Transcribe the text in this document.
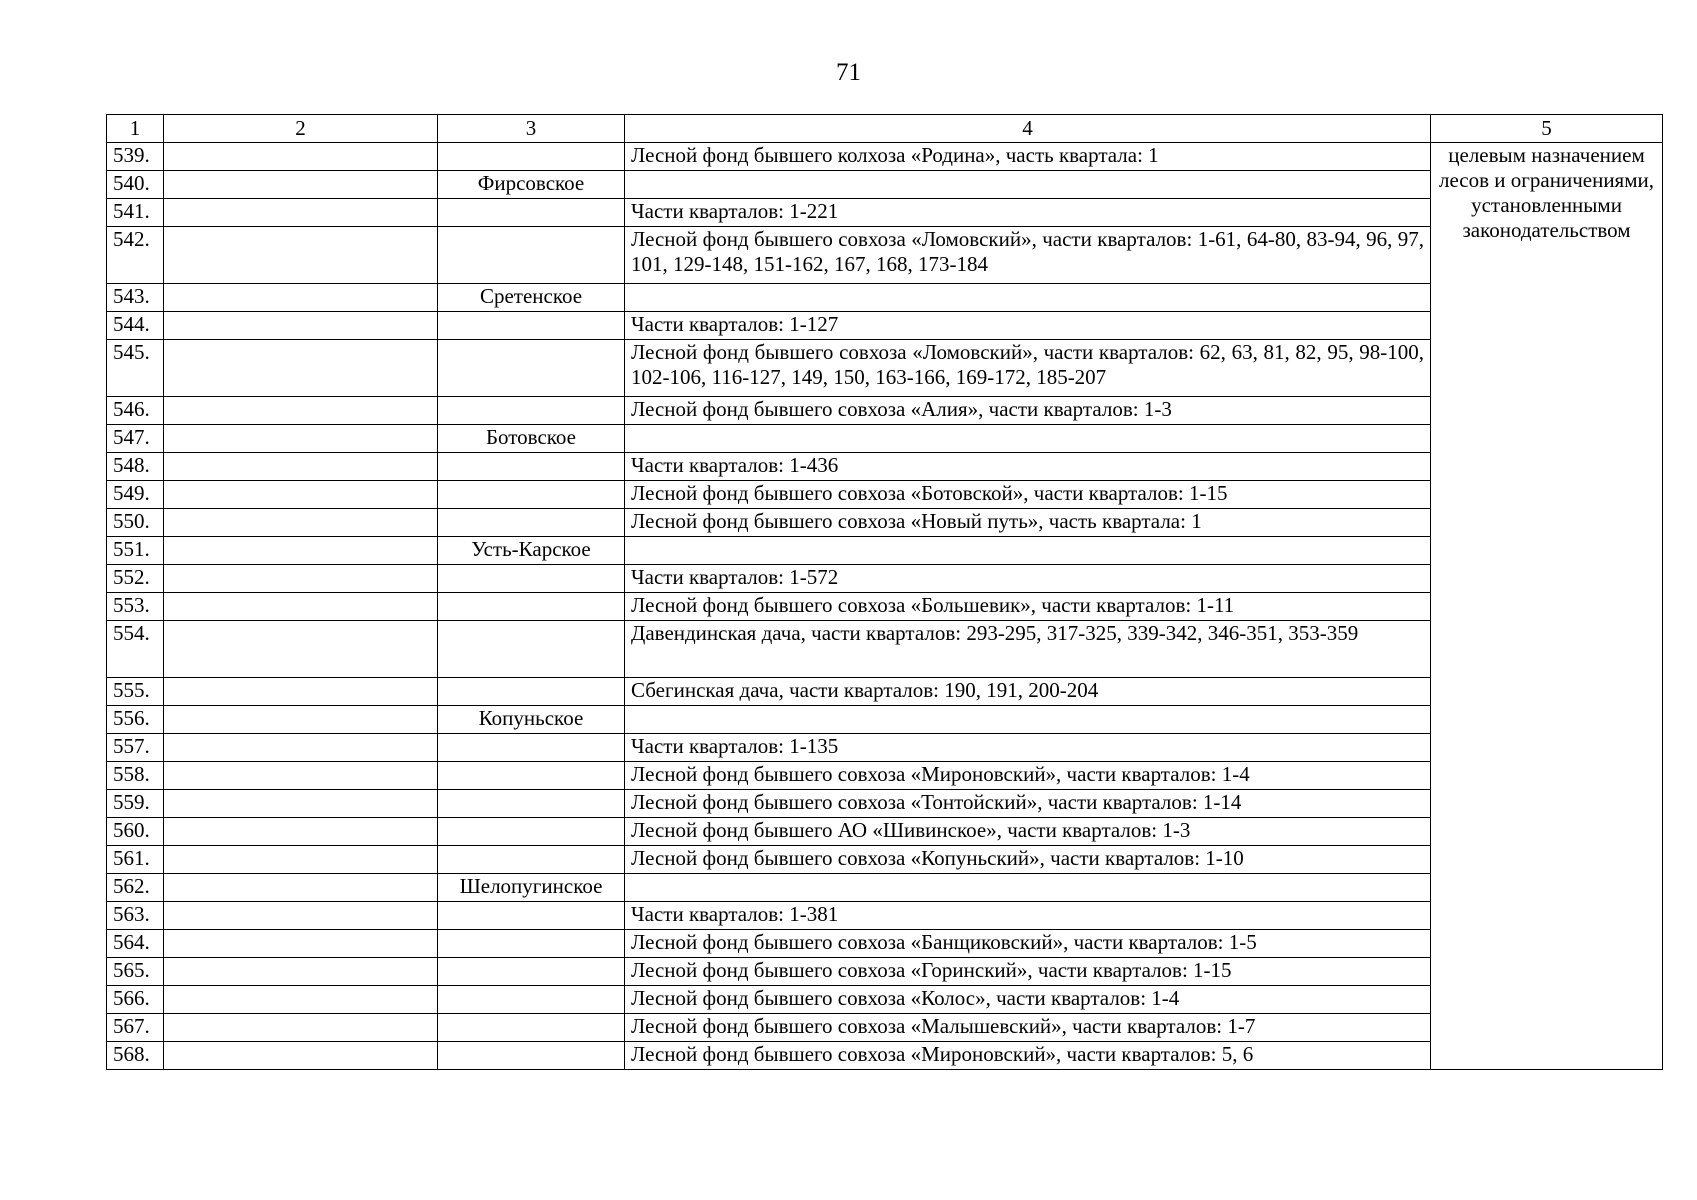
71
1	2	3	4	5
539.			Лесной фонд бывшего колхоза «Родина», часть квартала: 1	целевым назначением лесов и ограничениями, установленными законодательством

540.		Фирсовское		
541.			Части кварталов: 1-221	
542.			Лесной фонд бывшего совхоза «Ломовский», части кварталов: 1-61, 64-80, 83-94, 96, 97, 101, 129-148, 151-162, 167, 168, 173-184	
543.		Сретенское		
544.			Части кварталов: 1-127	
545.			Лесной фонд бывшего совхоза «Ломовский», части кварталов: 62, 63, 81, 82, 95, 98-100, 102-106, 116-127, 149, 150, 163-166, 169-172, 185-207	
546.			Лесной фонд бывшего совхоза «Алия», части кварталов: 1-3	
547.		Ботовское		
548.			Части кварталов: 1-436	
549.			Лесной фонд бывшего совхоза «Ботовской», части кварталов: 1-15	
550.			Лесной фонд бывшего совхоза «Новый путь», часть квартала: 1	
551.		Усть-Карское		
552.			Части кварталов: 1-572	
553.			Лесной фонд бывшего совхоза «Большевик», части кварталов: 1-11	
554.			Давендинская дача, части кварталов: 293-295, 317-325, 339-342, 346-351, 353-359	
555.			Сбегинская дача, части кварталов: 190, 191, 200-204	
556.		Копуньское		
557.			Части кварталов: 1-135	
558.			Лесной фонд бывшего совхоза «Мироновский», части кварталов: 1-4	
559.			Лесной фонд бывшего совхоза «Тонтойский», части кварталов: 1-14	
560.			Лесной фонд бывшего АО «Шивинское», части кварталов: 1-3	
561.			Лесной фонд бывшего совхоза «Копуньский», части кварталов: 1-10	
562.		Шелопугинское		
563.			Части кварталов: 1-381	
564.			Лесной фонд бывшего совхоза «Банщиковский», части кварталов: 1-5	
565.			Лесной фонд бывшего совхоза «Горинский», части кварталов: 1-15	
566.			Лесной фонд бывшего совхоза «Колос», части кварталов: 1-4	
567.			Лесной фонд бывшего совхоза «Малышевский», части кварталов: 1-7	
568.			Лесной фонд бывшего совхоза «Мироновский», части кварталов: 5, 6	
